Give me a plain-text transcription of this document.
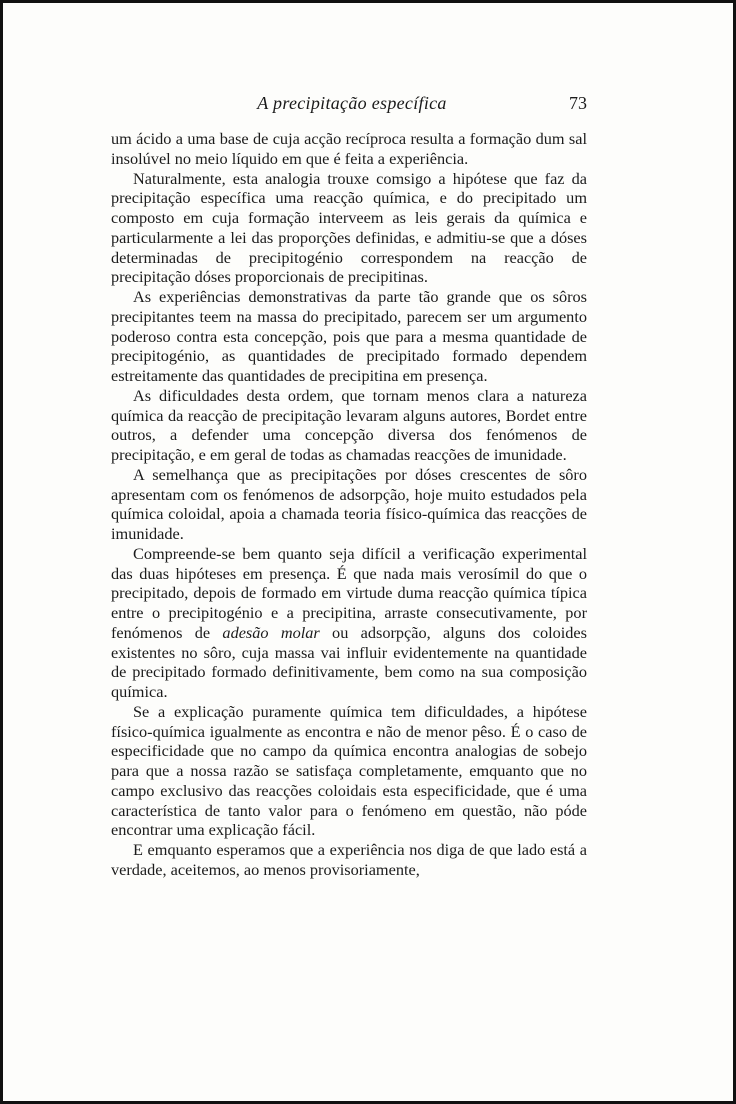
A precipitação específica	73

um ácido a uma base de cuja acção recíproca resulta a formação dum sal insolúvel no meio líquido em que é feita a experiência.

Naturalmente, esta analogia trouxe comsigo a hipótese que faz da precipitação específica uma reacção química, e do precipitado um composto em cuja formação interveem as leis gerais da química e particularmente a lei das proporções definidas, e admitiu-se que a dóses determinadas de precipitogénio correspondem na reacção de precipitação dóses proporcionais de precipitinas.

As experiências demonstrativas da parte tão grande que os sôros precipitantes teem na massa do precipitado, parecem ser um argumento poderoso contra esta concepção, pois que para a mesma quantidade de precipitogénio, as quantidades de precipitado formado dependem estreitamente das quantidades de precipitina em presença.

As dificuldades desta ordem, que tornam menos clara a natureza química da reacção de precipitação levaram alguns autores, Bordet entre outros, a defender uma concepção diversa dos fenómenos de precipitação, e em geral de todas as chamadas reacções de imunidade.

A semelhança que as precipitações por dóses crescentes de sôro apresentam com os fenómenos de adsorpção, hoje muito estudados pela química coloidal, apoia a chamada teoria físico-química das reacções de imunidade.

Compreende-se bem quanto seja difícil a verificação experimental das duas hipóteses em presença. É que nada mais verosímil do que o precipitado, depois de formado em virtude duma reacção química típica entre o precipitogénio e a precipitina, arraste consecutivamente, por fenómenos de adesão molar ou adsorpção, alguns dos coloides existentes no sôro, cuja massa vai influir evidentemente na quantidade de precipitado formado definitivamente, bem como na sua composição química.

Se a explicação puramente química tem dificuldades, a hipótese físico-química igualmente as encontra e não de menor pêso. É o caso de especificidade que no campo da química encontra analogias de sobejo para que a nossa razão se satisfaça completamente, emquanto que no campo exclusivo das reacções coloidais esta especificidade, que é uma característica de tanto valor para o fenómeno em questão, não póde encontrar uma explicação fácil.

E emquanto esperamos que a experiência nos diga de que lado está a verdade, aceitemos, ao menos provisoriamente,
